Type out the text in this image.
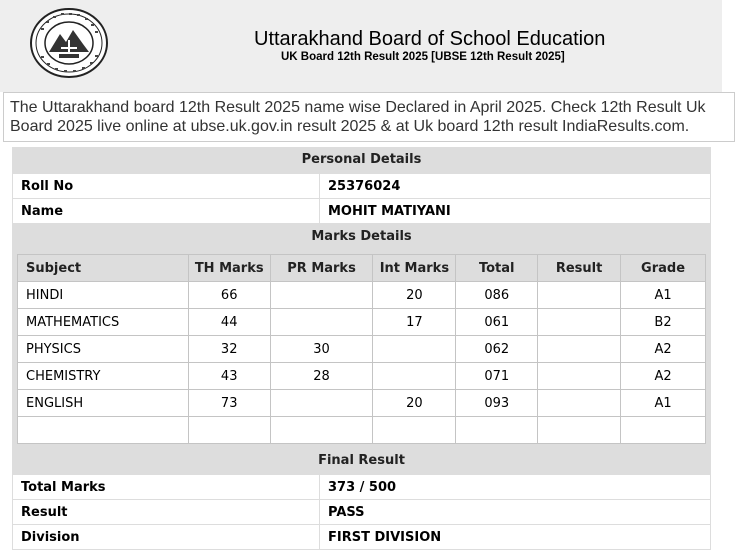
Uttarakhand Board of School Education
UK Board 12th Result 2025 [UBSE 12th Result 2025]

The Uttarakhand board 12th Result 2025 name wise Declared in April 2025. Check 12th Result Uk Board 2025 live online at ubse.uk.gov.in result 2025 & at Uk board 12th result IndiaResults.com.

Personal Details
Roll No	25376024
Name	MOHIT MATIYANI
Marks Details
Subject	TH Marks	PR Marks	Int Marks	Total	Result	Grade
HINDI	66		20	086		A1
MATHEMATICS	44		17	061		B2
PHYSICS	32	30		062		A2
CHEMISTRY	43	28		071		A2
ENGLISH	73		20	093		A1

Final Result
Total Marks	373 / 500
Result	PASS
Division	FIRST DIVISION
